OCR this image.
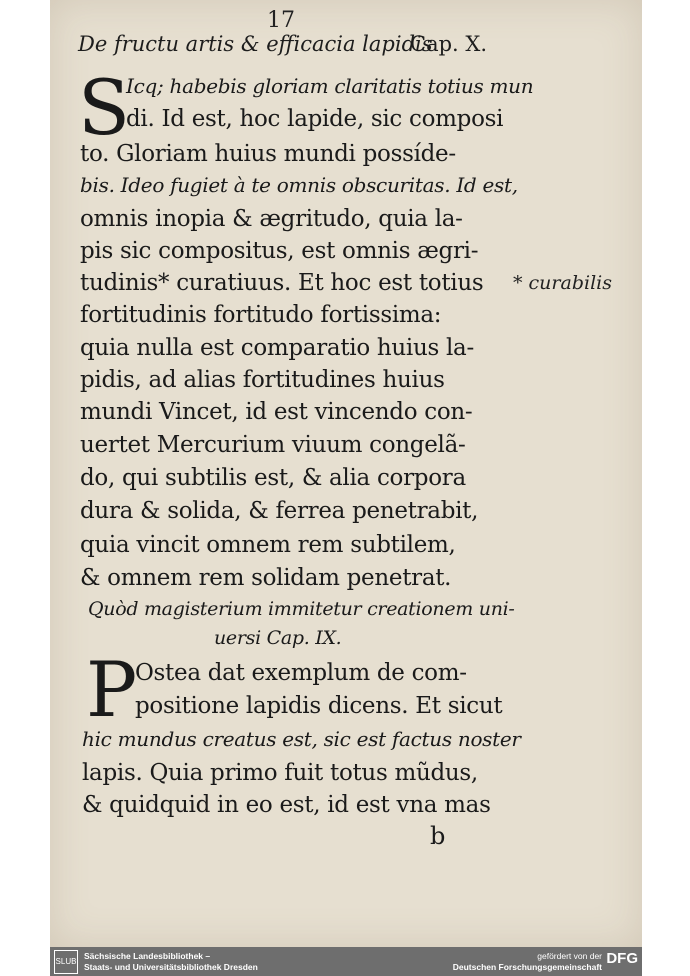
17
De fructu artis & efficacia lapidis
Cap. X.
S
Icq; habebis gloriam claritatis totius mun
di. Id est, hoc lapide, sic composi
to. Gloriam huius mundi possíde-
bis. Ideo fugiet à te omnis obscuritas. Id est,
omnis inopia & ægritudo, quia la-
pis sic compositus, est omnis ægri-
tudinis* curatiuus. Et hoc est totius
fortitudinis fortitudo fortissima:
quia nulla est comparatio huius la-
pidis, ad alias fortitudines huius
mundi Vincet, id est vincendo con-
uertet Mercurium viuum congelã-
do, qui subtilis est, & alia corpora
dura & solida, & ferrea penetrabit,
quia vincit omnem rem subtilem,
& omnem rem solidam penetrat.
* curabilis
Quòd magisterium immitetur creationem uni-
uersi Cap. IX.
P
Ostea dat exemplum de com-
positione lapidis dicens. Et sicut
hic mundus creatus est, sic est factus noster
lapis. Quia primo fuit totus mũdus,
& quidquid in eo est, id est vna mas
b
SLUB
Sächsische Landesbibliothek –
Staats- und Universitätsbibliothek Dresden
gefördert von der
Deutschen Forschungsgemeinschaft DFG
